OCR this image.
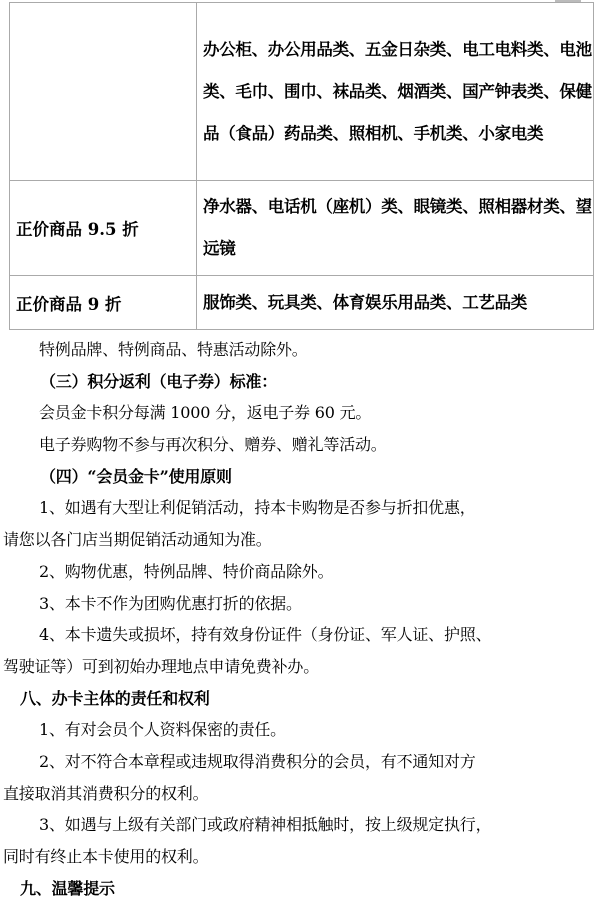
	办公柜、办公用品类、五金日杂类、电工电料类、电池类、毛巾、围巾、袜品类、烟酒类、国产钟表类、保健品（食品）药品类、照相机、手机类、小家电类
正价商品 9.5 折	净水器、电话机（座机）类、眼镜类、照相器材类、望远镜
正价商品 9 折	服饰类、玩具类、体育娱乐用品类、工艺品类
特例品牌、特例商品、特惠活动除外。
（三）积分返利（电子券）标准：
会员金卡积分每满 1000 分，返电子券 60 元。
电子券购物不参与再次积分、赠券、赠礼等活动。
（四）“会员金卡”使用原则
1、如遇有大型让利促销活动，持本卡购物是否参与折扣优惠，
请您以各门店当期促销活动通知为准。
2、购物优惠，特例品牌、特价商品除外。
3、本卡不作为团购优惠打折的依据。
4、本卡遗失或损坏，持有效身份证件（身份证、军人证、护照、
驾驶证等）可到初始办理地点申请免费补办。
八、办卡主体的责任和权利
1、有对会员个人资料保密的责任。
2、对不符合本章程或违规取得消费积分的会员，有不通知对方
直接取消其消费积分的权利。
3、如遇与上级有关部门或政府精神相抵触时，按上级规定执行，
同时有终止本卡使用的权利。
九、温馨提示
